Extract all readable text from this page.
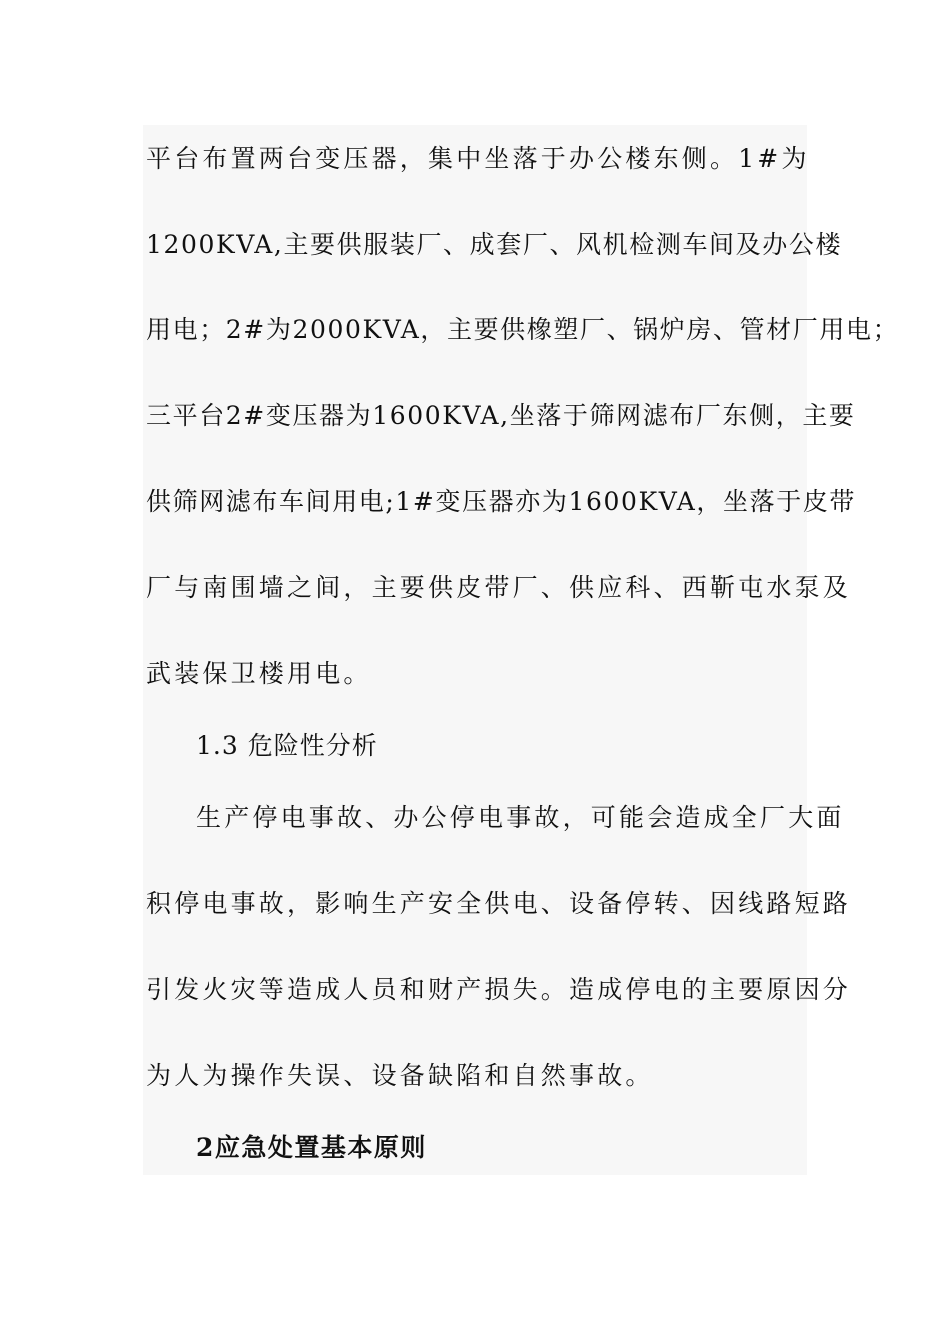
平台布置两台变压器，集中坐落于办公楼东侧。1#为
1200KVA,主要供服装厂、成套厂、风机检测车间及办公楼
用电；2#为2000KVA，主要供橡塑厂、锅炉房、管材厂用电；
三平台2#变压器为1600KVA,坐落于筛网滤布厂东侧，主要
供筛网滤布车间用电;1#变压器亦为1600KVA，坐落于皮带
厂与南围墙之间，主要供皮带厂、供应科、西靳屯水泵及
武装保卫楼用电。
1.3 危险性分析
生产停电事故、办公停电事故，可能会造成全厂大面
积停电事故，影响生产安全供电、设备停转、因线路短路
引发火灾等造成人员和财产损失。造成停电的主要原因分
为人为操作失误、设备缺陷和自然事故。
2应急处置基本原则
